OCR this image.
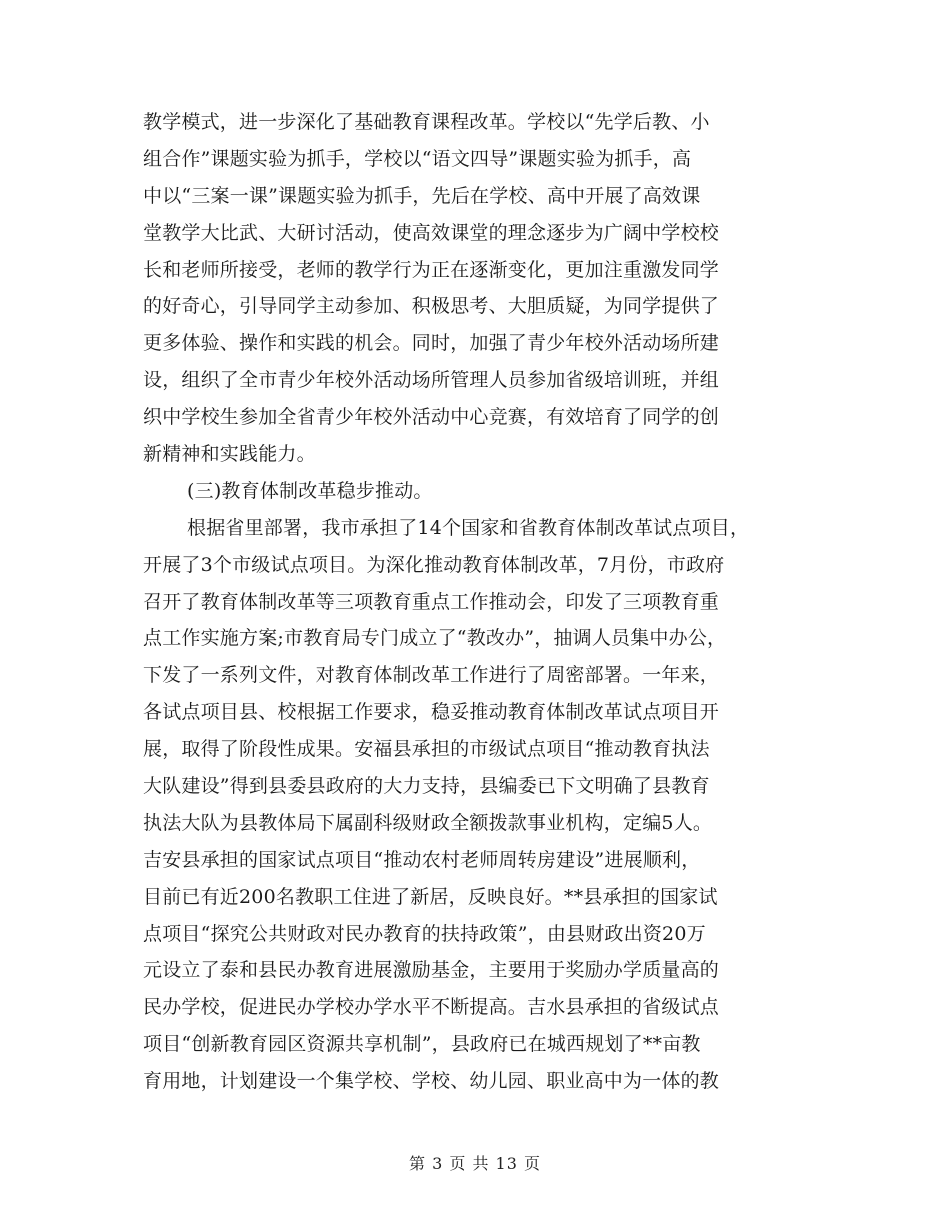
教学模式，进一步深化了基础教育课程改革。学校以“先学后教、小
组合作”课题实验为抓手，学校以“语文四导”课题实验为抓手，高
中以“三案一课”课题实验为抓手，先后在学校、高中开展了高效课
堂教学大比武、大研讨活动，使高效课堂的理念逐步为广阔中学校校
长和老师所接受，老师的教学行为正在逐渐变化，更加注重激发同学
的好奇心，引导同学主动参加、积极思考、大胆质疑，为同学提供了
更多体验、操作和实践的机会。同时，加强了青少年校外活动场所建
设，组织了全市青少年校外活动场所管理人员参加省级培训班，并组
织中学校生参加全省青少年校外活动中心竞赛，有效培育了同学的创
新精神和实践能力。
(三)教育体制改革稳步推动。
根据省里部署，我市承担了14个国家和省教育体制改革试点项目，
开展了3个市级试点项目。为深化推动教育体制改革，7月份，市政府
召开了教育体制改革等三项教育重点工作推动会，印发了三项教育重
点工作实施方案;市教育局专门成立了“教改办”，抽调人员集中办公，
下发了一系列文件，对教育体制改革工作进行了周密部署。一年来，
各试点项目县、校根据工作要求，稳妥推动教育体制改革试点项目开
展，取得了阶段性成果。安福县承担的市级试点项目“推动教育执法
大队建设”得到县委县政府的大力支持，县编委已下文明确了县教育
执法大队为县教体局下属副科级财政全额拨款事业机构，定编5人。
吉安县承担的国家试点项目“推动农村老师周转房建设”进展顺利，
目前已有近200名教职工住进了新居，反映良好。**县承担的国家试
点项目“探究公共财政对民办教育的扶持政策”，由县财政出资20万
元设立了泰和县民办教育进展激励基金，主要用于奖励办学质量高的
民办学校，促进民办学校办学水平不断提高。吉水县承担的省级试点
项目“创新教育园区资源共享机制”，县政府已在城西规划了**亩教
育用地，计划建设一个集学校、学校、幼儿园、职业高中为一体的教
第 3 页 共 13 页
